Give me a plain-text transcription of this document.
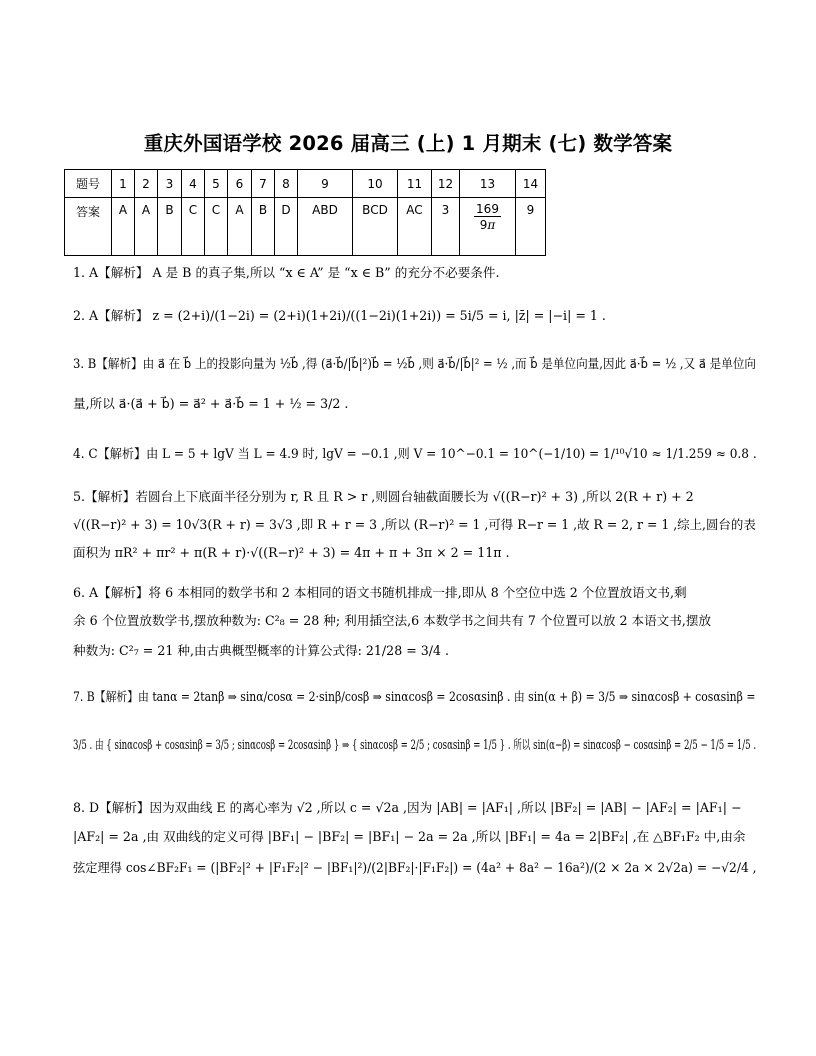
重庆外国语学校 2026 届高三 (上) 1 月期末 (七) 数学答案
题号	1	2	3	4	5	6	7	8	9	10	11	12	13	14
答案	A	A	B	C	C	A	B	D	ABD	BCD	AC	3	$\frac{169}{9\pi}$	9
1. A【解析】 A 是 B 的真子集,所以 “x ∈ A” 是 “x ∈ B” 的充分不必要条件.
2. A【解析】 z = (2+i)/(1−2i) = (2+i)(1+2i)/((1−2i)(1+2i)) = 5i/5 = i, |z̄| = |−i| = 1 .
3. B【解析】由 a⃗ 在 b⃗ 上的投影向量为 ½b⃗ ,得 (a⃗·b⃗/|b⃗|²)b⃗ = ½b⃗ ,则 a⃗·b⃗/|b⃗|² = ½ ,而 b⃗ 是单位向量,因此 a⃗·b⃗ = ½ ,又 a⃗ 是单位向
量,所以 a⃗·(a⃗ + b⃗) = a⃗² + a⃗·b⃗ = 1 + ½ = 3/2 .
4. C【解析】由 L = 5 + lgV 当 L = 4.9 时, lgV = −0.1 ,则 V = 10^−0.1 = 10^(−1/10) = 1/¹⁰√10 ≈ 1/1.259 ≈ 0.8 .
5.【解析】若圆台上下底面半径分别为 r, R 且 R > r ,则圆台轴截面腰长为 √((R−r)² + 3) ,所以 2(R + r) + 2
√((R−r)² + 3) = 10√3(R + r) = 3√3 ,即 R + r = 3 ,所以 (R−r)² = 1 ,可得 R−r = 1 ,故 R = 2, r = 1 ,综上,圆台的表
面积为 πR² + πr² + π(R + r)·√((R−r)² + 3) = 4π + π + 3π × 2 = 11π .
6. A【解析】将 6 本相同的数学书和 2 本相同的语文书随机排成一排,即从 8 个空位中选 2 个位置放语文书,剩
余 6 个位置放数学书,摆放种数为: C²₈ = 28 种; 利用插空法,6 本数学书之间共有 7 个位置可以放 2 本语文书,摆放
种数为: C²₇ = 21 种,由古典概型概率的计算公式得: 21/28 = 3/4 .
7. B【解析】由 tanα = 2tanβ ⇒ sinα/cosα = 2·sinβ/cosβ ⇒ sinαcosβ = 2cosαsinβ . 由 sin(α + β) = 3/5 ⇒ sinαcosβ + cosαsinβ =
3/5 . 由 { sinαcosβ + cosαsinβ = 3/5 ; sinαcosβ = 2cosαsinβ } ⇒ { sinαcosβ = 2/5 ; cosαsinβ = 1/5 } . 所以 sin(α−β) = sinαcosβ − cosαsinβ = 2/5 − 1/5 = 1/5 .
8. D【解析】因为双曲线 E 的离心率为 √2 ,所以 c = √2a ,因为 |AB| = |AF₁| ,所以 |BF₂| = |AB| − |AF₂| = |AF₁| −
|AF₂| = 2a ,由 双曲线的定义可得 |BF₁| − |BF₂| = |BF₁| − 2a = 2a ,所以 |BF₁| = 4a = 2|BF₂| ,在 △BF₁F₂ 中,由余
弦定理得 cos∠BF₂F₁ = (|BF₂|² + |F₁F₂|² − |BF₁|²)/(2|BF₂|·|F₁F₂|) = (4a² + 8a² − 16a²)/(2 × 2a × 2√2a) = −√2/4 ,
